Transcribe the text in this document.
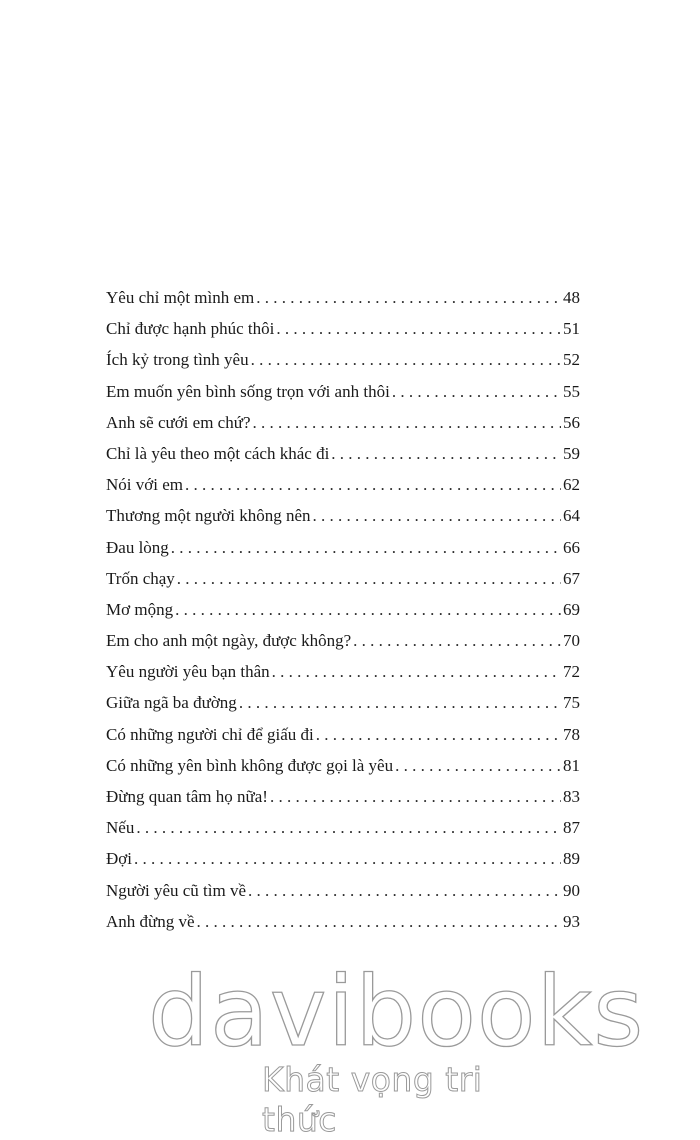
Yêu chỉ một mình em . . .	48
Chỉ được hạnh phúc thôi . . .	51
Ích kỷ trong tình yêu . . .	52
Em muốn yên bình sống trọn với anh thôi . . .	55
Anh sẽ cưới em chứ? . . .	56
Chỉ là yêu theo một cách khác đi . . .	59
Nói với em . . .	62
Thương một người không nên . . .	64
Đau lòng . . .	66
Trốn chạy . . .	67
Mơ mộng . . .	69
Em cho anh một ngày, được không? . . .	70
Yêu người yêu bạn thân . . .	72
Giữa ngã ba đường . . .	75
Có những người chỉ để giấu đi . . .	78
Có những yên bình không được gọi là yêu . . .	81
Đừng quan tâm họ nữa! . . .	83
Nếu . . .	87
Đợi . . .	89
Người yêu cũ tìm về . . .	90
Anh đừng về . . .	93
davibooks
Khát vọng tri thức
